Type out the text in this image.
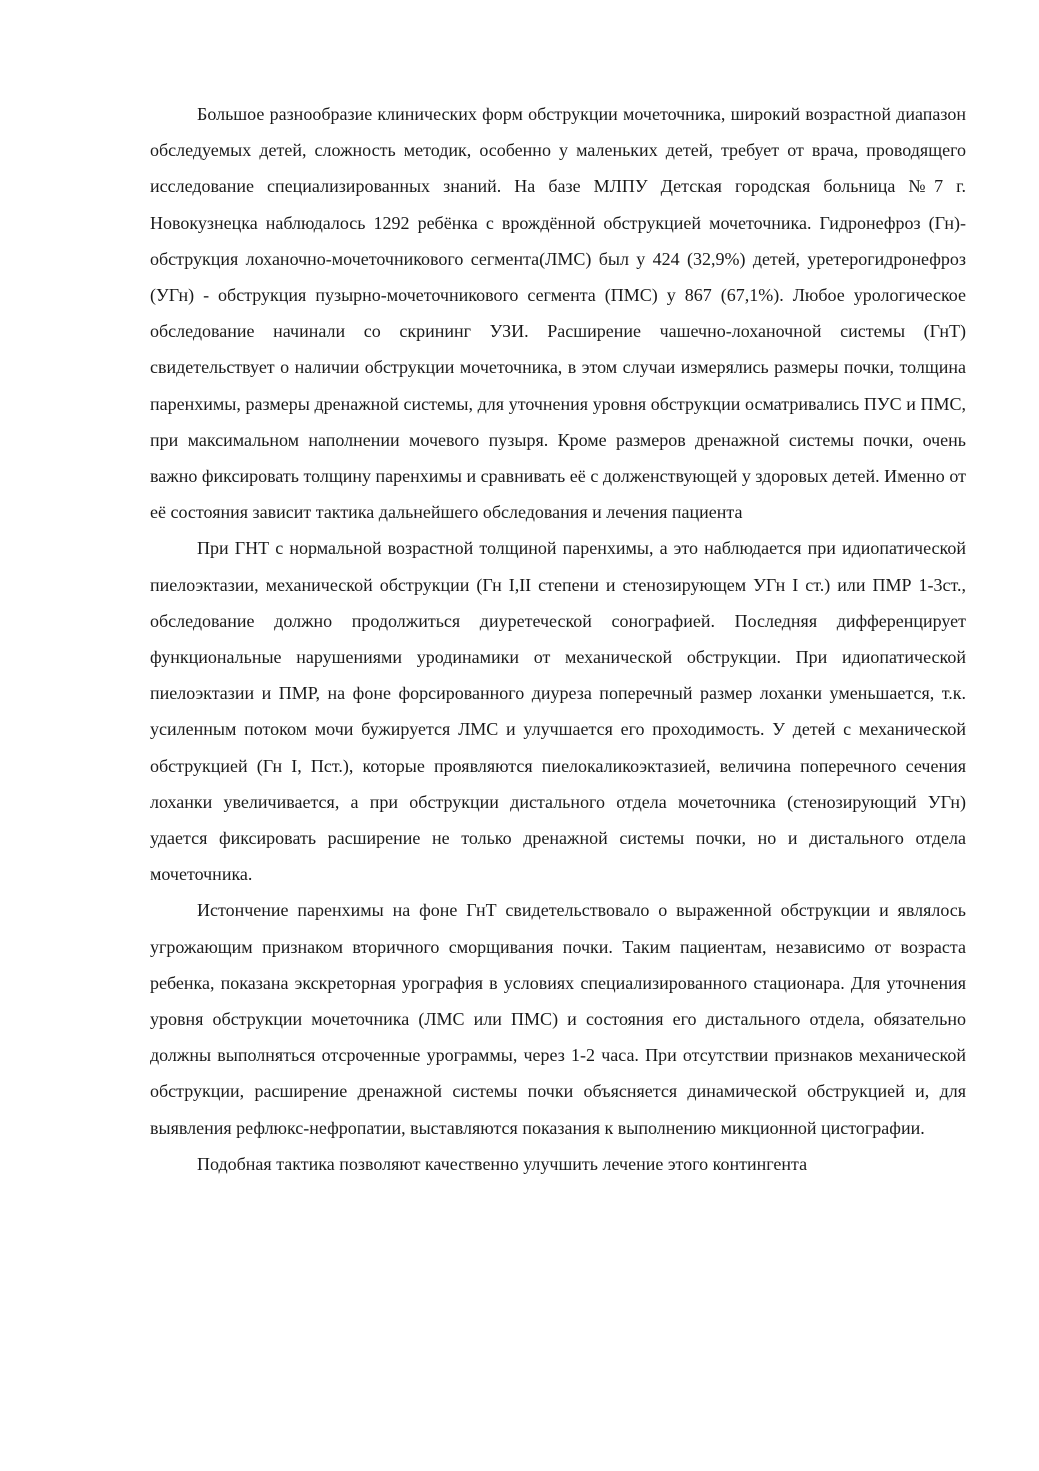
Большое разнообразие клинических форм обструкции мочеточника, широкий возрастной диапазон обследуемых детей, сложность методик, особенно у маленьких детей, требует от врача, проводящего исследование специализированных знаний. На базе МЛПУ Детская городская больница №7 г. Новокузнецка наблюдалось 1292 ребёнка с врождённой обструкцией мочеточника. Гидронефроз (Гн)-обструкция лоханочно-мочеточникового сегмента(ЛМС) был у 424 (32,9%) детей, уретерогидронефроз (УГн) - обструкция пузырно-мочеточникового сегмента (ПМС) у 867 (67,1%). Любое урологическое обследование начинали со скрининг УЗИ. Расширение чашечно-лоханочной системы (ГнТ) свидетельствует о наличии обструкции мочеточника, в этом случаи измерялись размеры почки, толщина паренхимы, размеры дренажной системы, для уточнения уровня обструкции осматривались ПУС и ПМС, при максимальном наполнении мочевого пузыря. Кроме размеров дренажной системы почки, очень важно фиксировать толщину паренхимы и сравнивать её с долженствующей у здоровых детей. Именно от её состояния зависит тактика дальнейшего обследования и лечения пациента

При ГНТ с нормальной возрастной толщиной паренхимы, а это наблюдается при идиопатической пиелоэктазии, механической обструкции (Гн I,II степени и стенозирующем УГн I ст.) или ПМР 1-3ст., обследование должно продолжиться диуретеческой сонографией. Последняя дифференцирует функциональные нарушениями уродинамики от механической обструкции. При идиопатической пиелоэктазии и ПМР, на фоне форсированного диуреза поперечный размер лоханки уменьшается, т.к. усиленным потоком мочи бужируется ЛМС и улучшается его проходимость. У детей с механической обструкцией (Гн I, Пст.), которые проявляются пиелокаликоэктазией, величина поперечного сечения лоханки увеличивается, а при обструкции дистального отдела мочеточника (стенозирующий УГн) удается фиксировать расширение не только дренажной системы почки, но и дистального отдела мочеточника.

Истончение паренхимы на фоне ГнТ свидетельствовало о выраженной обструкции и являлось угрожающим признаком вторичного сморщивания почки. Таким пациентам, независимо от возраста ребенка, показана экскреторная урография в условиях специализированного стационара. Для уточнения уровня обструкции мочеточника (ЛМС или ПМС) и состояния его дистального отдела, обязательно должны выполняться отсроченные урограммы, через 1-2 часа. При отсутствии признаков механической обструкции, расширение дренажной системы почки объясняется динамической обструкцией и, для выявления рефлюкс-нефропатии, выставляются показания к выполнению микционной цистографии.

Подобная тактика позволяют качественно улучшить лечение этого контингента
